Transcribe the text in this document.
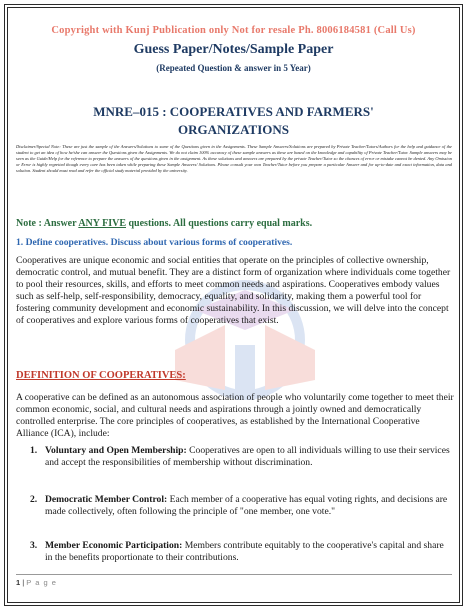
Copyright with Kunj Publication only Not for resale Ph. 8006184581 (Call Us)
Guess Paper/Notes/Sample Paper
(Repeated Question & answer in 5 Year)
MNRE–015 : COOPERATIVES AND FARMERS' ORGANIZATIONS
Disclaimer/Special Note: These are just the sample of the Answers/Solutions to some of the Questions given in the Assignments. These Sample Answers/Solutions are prepared by Private Teacher/Tutors/Authors for the help and guidance of the student to get an idea of how he/she can answer the Questions given the Assignments. We do not claim 100% accuracy of these sample answers as these are based on the knowledge and capability of Private Teacher/Tutor. Sample answers may be seen as the Guide/Help for the reference to prepare the answers of the questions given in the assignment. As these solutions and answers are prepared by the private Teacher/Tutor so the chances of error or mistake cannot be denied. Any Omission or Error is highly regretted though every care has been taken while preparing these Sample Answers/ Solutions. Please consult your own Teacher/Tutor before you prepare a particular Answer and for up-to-date and exact information, data and solution. Student should must read and refer the official study material provided by the university.
Note : Answer ANY FIVE questions. All questions carry equal marks.
1. Define cooperatives. Discuss about various forms of cooperatives.
Cooperatives are unique economic and social entities that operate on the principles of collective ownership, democratic control, and mutual benefit. They are a distinct form of organization where individuals come together to pool their resources, skills, and efforts to meet common needs and aspirations. Cooperatives embody values such as self-help, self-responsibility, democracy, equality, and solidarity, making them a powerful tool for fostering community development and economic sustainability. In this discussion, we will delve into the concept of cooperatives and explore various forms of cooperatives that exist.
DEFINITION OF COOPERATIVES:
A cooperative can be defined as an autonomous association of people who voluntarily come together to meet their common economic, social, and cultural needs and aspirations through a jointly owned and democratically controlled enterprise. The core principles of cooperatives, as established by the International Cooperative Alliance (ICA), include:
1. Voluntary and Open Membership: Cooperatives are open to all individuals willing to use their services and accept the responsibilities of membership without discrimination.
2. Democratic Member Control: Each member of a cooperative has equal voting rights, and decisions are made collectively, often following the principle of "one member, one vote."
3. Member Economic Participation: Members contribute equitably to the cooperative's capital and share in the benefits proportionate to their contributions.
1 | P a g e
